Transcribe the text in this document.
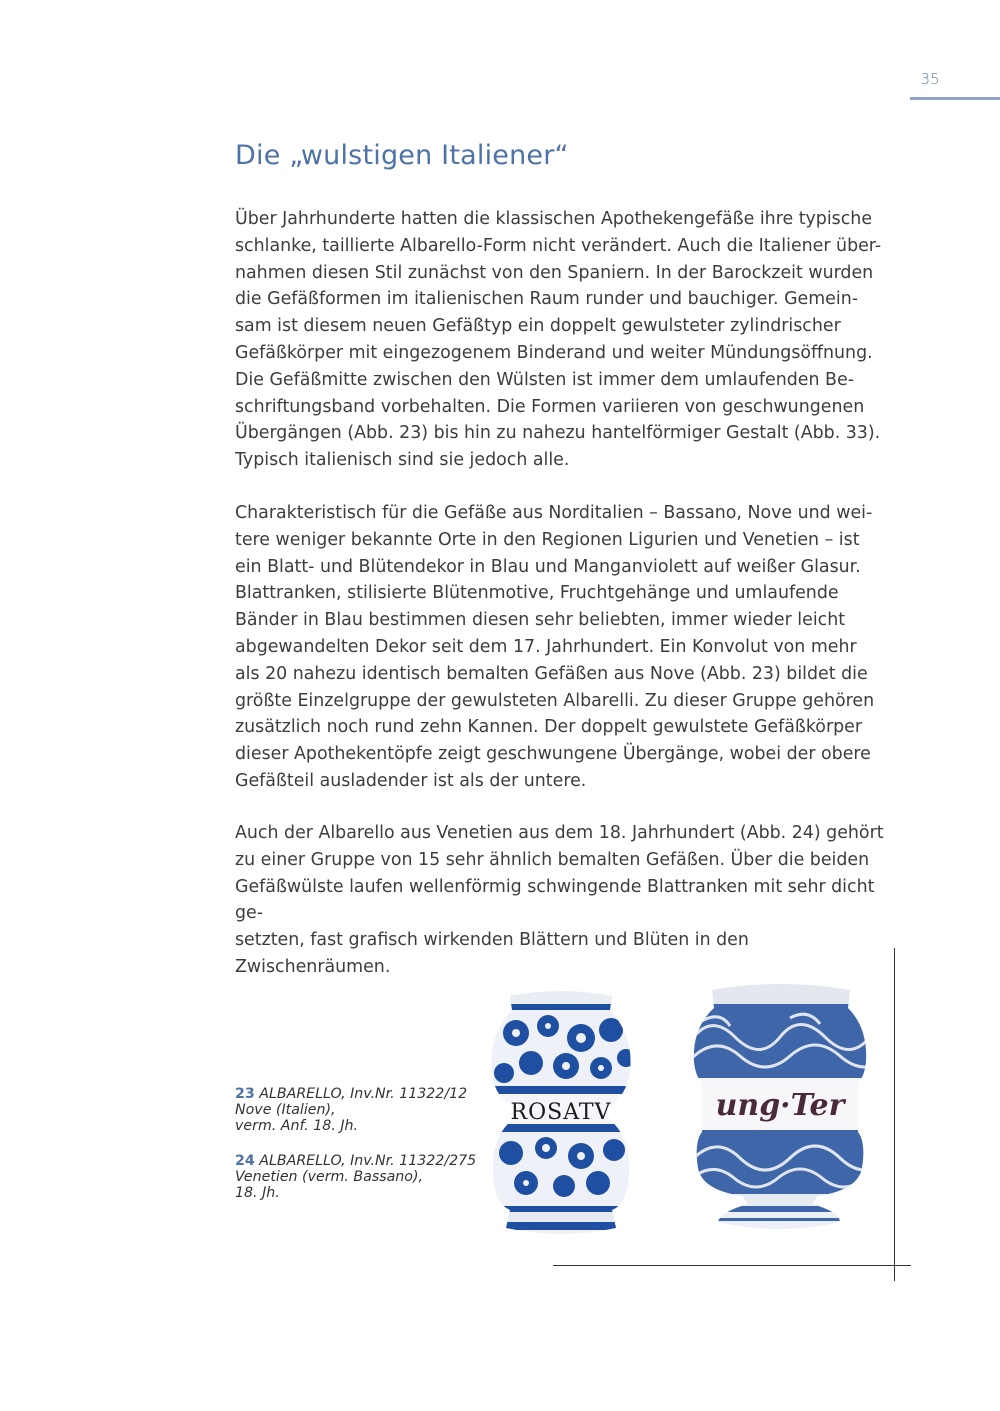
35
Die „wulstigen Italiener“

Über Jahrhunderte hatten die klassischen Apothekengefäße ihre typische
schlanke, taillierte Albarello-Form nicht verändert. Auch die Italiener über-
nahmen diesen Stil zunächst von den Spaniern. In der Barockzeit wurden
die Gefäßformen im italienischen Raum runder und bauchiger. Gemein-
sam ist diesem neuen Gefäßtyp ein doppelt gewulsteter zylindrischer
Gefäßkörper mit eingezogenem Binderand und weiter Mündungsöffnung.
Die Gefäßmitte zwischen den Wülsten ist immer dem umlaufenden Be-
schriftungsband vorbehalten. Die Formen variieren von geschwungenen
Übergängen (Abb. 23) bis hin zu nahezu hantelförmiger Gestalt (Abb. 33).
Typisch italienisch sind sie jedoch alle.

Charakteristisch für die Gefäße aus Norditalien – Bassano, Nove und wei-
tere weniger bekannte Orte in den Regionen Ligurien und Venetien – ist
ein Blatt- und Blütendekor in Blau und Manganviolett auf weißer Glasur.
Blattranken, stilisierte Blütenmotive, Fruchtgehänge und umlaufende
Bänder in Blau bestimmen diesen sehr beliebten, immer wieder leicht
abgewandelten Dekor seit dem 17. Jahrhundert. Ein Konvolut von mehr
als 20 nahezu identisch bemalten Gefäßen aus Nove (Abb. 23) bildet die
größte Einzelgruppe der gewulsteten Albarelli. Zu dieser Gruppe gehören
zusätzlich noch rund zehn Kannen. Der doppelt gewulstete Gefäßkörper
dieser Apothekentöpfe zeigt geschwungene Übergänge, wobei der obere
Gefäßteil ausladender ist als der untere.

Auch der Albarello aus Venetien aus dem 18. Jahrhundert (Abb. 24) gehört
zu einer Gruppe von 15 sehr ähnlich bemalten Gefäßen. Über die beiden
Gefäßwülste laufen wellenförmig schwingende Blattranken mit sehr dicht ge-
setzten, fast grafisch wirkenden Blättern und Blüten in den Zwischenräumen.

23 ALBARELLO, Inv.Nr. 11322/12
Nove (Italien),
verm. Anf. 18. Jh.
24 ALBARELLO, Inv.Nr. 11322/275
Venetien (verm. Bassano),
18. Jh.
ROSATV	ung·Ter
